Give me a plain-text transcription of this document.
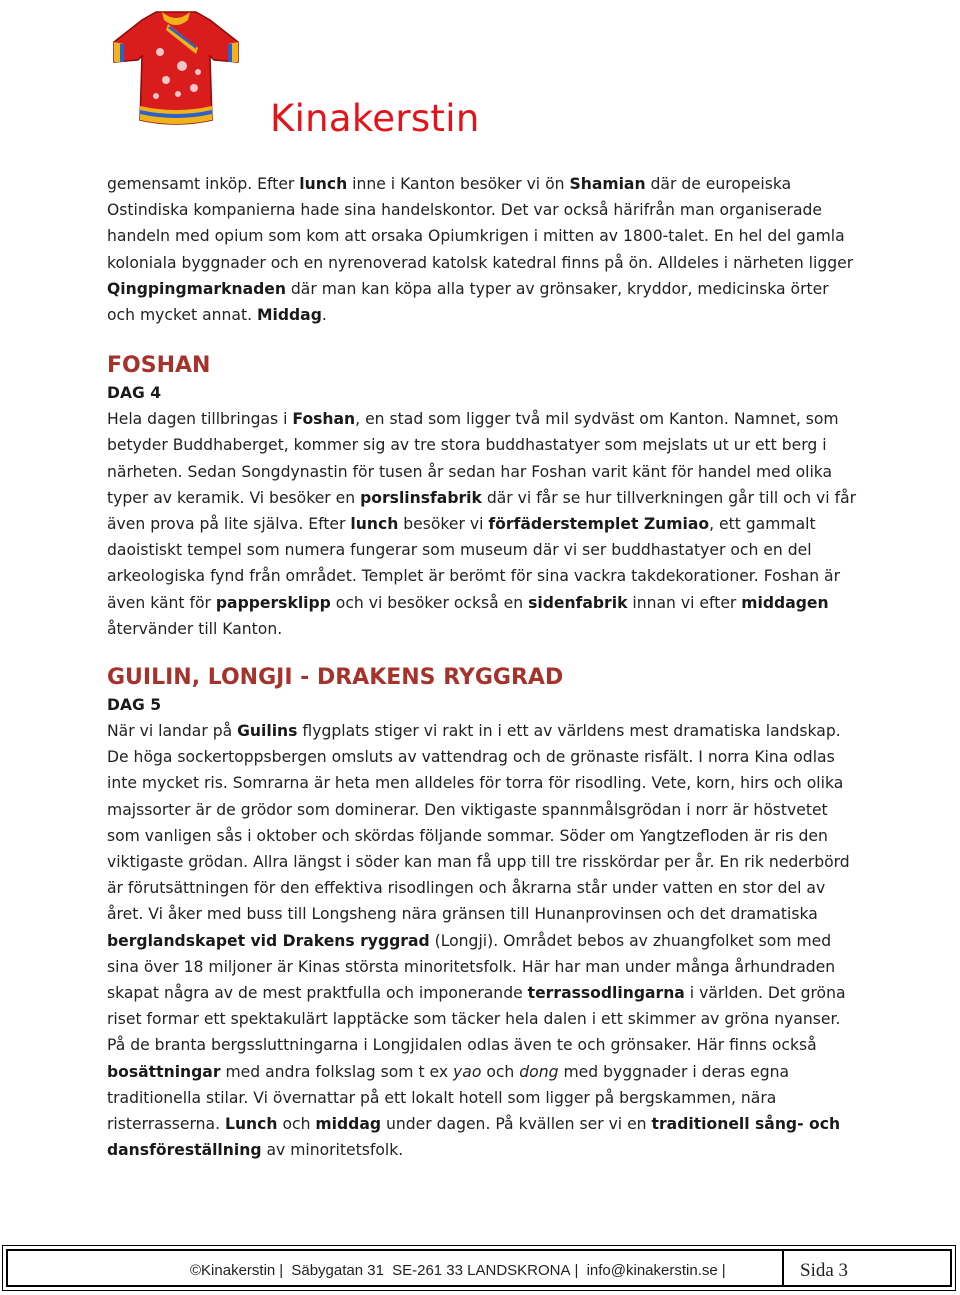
Kinakerstin

gemensamt inköp. Efter lunch inne i Kanton besöker vi ön Shamian där de europeiska Ostindiska kompanierna hade sina handelskontor. Det var också härifrån man organiserade handeln med opium som kom att orsaka Opiumkrigen i mitten av 1800-talet. En hel del gamla koloniala byggnader och en nyrenoverad katolsk katedral finns på ön. Alldeles i närheten ligger Qingpingmarknaden där man kan köpa alla typer av grönsaker, kryddor, medicinska örter och mycket annat. Middag.

FOSHAN
DAG 4

Hela dagen tillbringas i Foshan, en stad som ligger två mil sydväst om Kanton. Namnet, som betyder Buddhaberget, kommer sig av tre stora buddhastatyer som mejslats ut ur ett berg i närheten. Sedan Songdynastin för tusen år sedan har Foshan varit känt för handel med olika typer av keramik. Vi besöker en porslinsfabrik där vi får se hur tillverkningen går till och vi får även prova på lite själva. Efter lunch besöker vi förfäderstemplet Zumiao, ett gammalt daoistiskt tempel som numera fungerar som museum där vi ser buddhastatyer och en del arkeologiska fynd från området. Templet är berömt för sina vackra takdekorationer. Foshan är även känt för pappersklipp och vi besöker också en sidenfabrik innan vi efter middagen återvänder till Kanton.

GUILIN, LONGJI - DRAKENS RYGGRAD
DAG 5

När vi landar på Guilins flygplats stiger vi rakt in i ett av världens mest dramatiska landskap. De höga sockertoppsbergen omsluts av vattendrag och de grönaste risfält. I norra Kina odlas inte mycket ris. Somrarna är heta men alldeles för torra för risodling. Vete, korn, hirs och olika majssorter är de grödor som dominerar. Den viktigaste spannmålsgrödan i norr är höstvetet som vanligen sås i oktober och skördas följande sommar. Söder om Yangtzefloden är ris den viktigaste grödan. Allra längst i söder kan man få upp till tre risskördar per år. En rik nederbörd är förutsättningen för den effektiva risodlingen och åkrarna står under vatten en stor del av året. Vi åker med buss till Longsheng nära gränsen till Hunanprovinsen och det dramatiska berglandskapet vid Drakens ryggrad (Longji). Området bebos av zhuangfolket som med sina över 18 miljoner är Kinas största minoritetsfolk. Här har man under många århundraden skapat några av de mest praktfulla och imponerande terrassodlingarna i världen. Det gröna riset formar ett spektakulärt lapptäcke som täcker hela dalen i ett skimmer av gröna nyanser. På de branta bergssluttningarna i Longjidalen odlas även te och grönsaker. Här finns också bosättningar med andra folkslag som t ex yao och dong med byggnader i deras egna traditionella stilar. Vi övernattar på ett lokalt hotell som ligger på bergskammen, nära risterrasserna. Lunch och middag under dagen. På kvällen ser vi en traditionell sång- och dansföreställning av minoritetsfolk.

©Kinakerstin | Säbygatan 31 SE-261 33 LANDSKRONA | info@kinakerstin.se |	Sida 3
